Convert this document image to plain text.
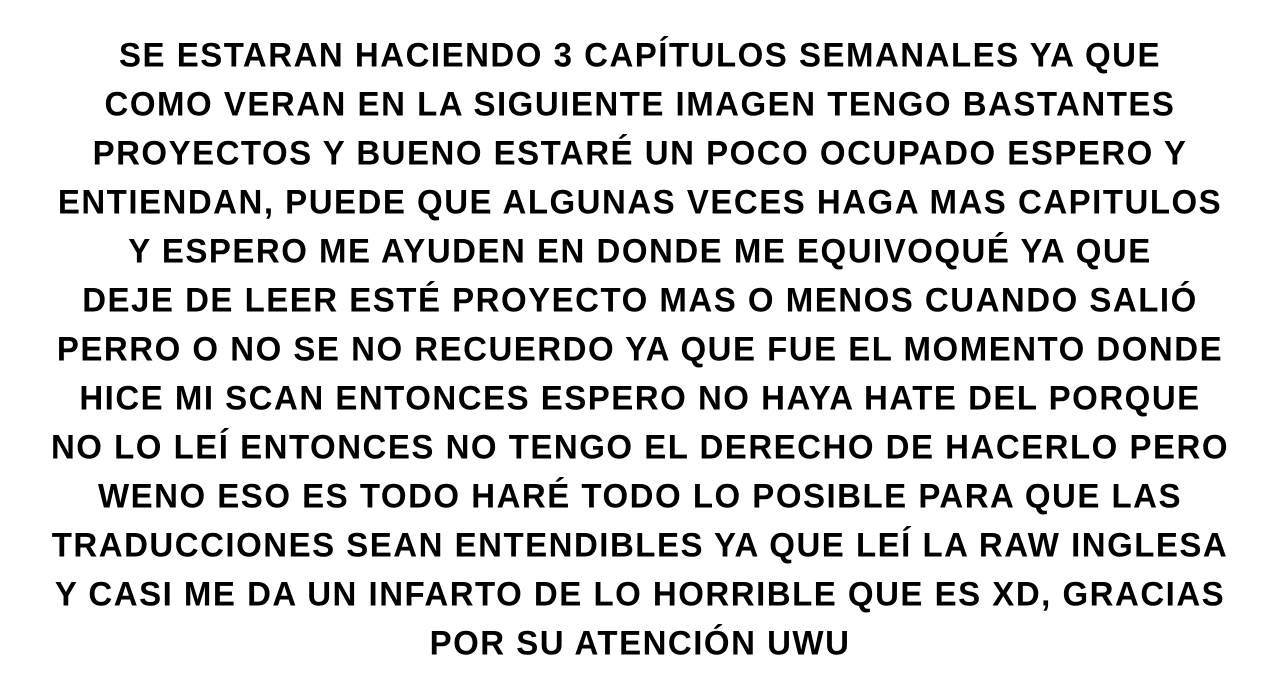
SE ESTARAN HACIENDO 3 CAPÍTULOS SEMANALES YA QUE
COMO VERAN EN LA SIGUIENTE IMAGEN TENGO BASTANTES
PROYECTOS Y BUENO ESTARÉ UN POCO OCUPADO ESPERO Y
ENTIENDAN, PUEDE QUE ALGUNAS VECES HAGA MAS CAPITULOS
Y ESPERO ME AYUDEN EN DONDE ME EQUIVOQUÉ YA QUE
DEJE DE LEER ESTÉ PROYECTO MAS O MENOS CUANDO SALIÓ
PERRO O NO SE NO RECUERDO YA QUE FUE EL MOMENTO DONDE
HICE MI SCAN ENTONCES ESPERO NO HAYA HATE DEL PORQUE
NO LO LEÍ ENTONCES NO TENGO EL DERECHO DE HACERLO PERO
WENO ESO ES TODO HARÉ TODO LO POSIBLE PARA QUE LAS
TRADUCCIONES SEAN ENTENDIBLES YA QUE LEÍ LA RAW INGLESA
Y CASI ME DA UN INFARTO DE LO HORRIBLE QUE ES XD, GRACIAS
POR SU ATENCIÓN UWU
